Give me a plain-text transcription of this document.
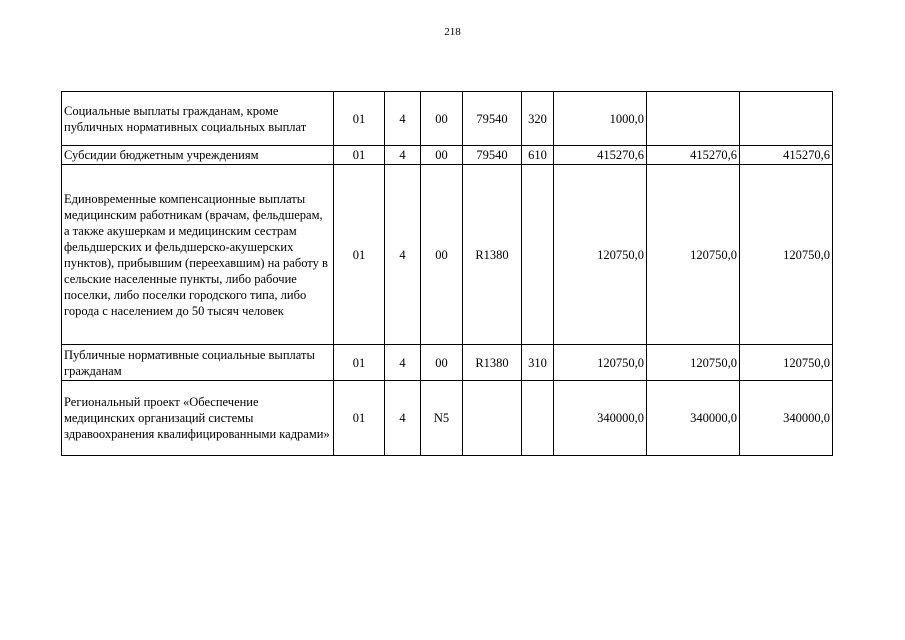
218
Социальные выплаты гражданам, кроме публичных нормативных социальных выплат	01	4	00	79540	320	1000,0		
Субсидии бюджетным учреждениям	01	4	00	79540	610	415270,6	415270,6	415270,6
Единовременные компенсационные выплаты медицинским работникам (врачам, фельдшерам, а также акушеркам и медицинским сестрам фельдшерских и фельдшерско-акушерских пунктов), прибывшим (переехавшим) на работу в сельские населенные пункты, либо рабочие поселки, либо поселки городского типа, либо города с населением до 50 тысяч человек	01	4	00	R1380		120750,0	120750,0	120750,0
Публичные нормативные социальные выплаты гражданам	01	4	00	R1380	310	120750,0	120750,0	120750,0
Региональный проект «Обеспечение медицинских организаций системы здравоохранения квалифицированными кадрами»	01	4	N5			340000,0	340000,0	340000,0
